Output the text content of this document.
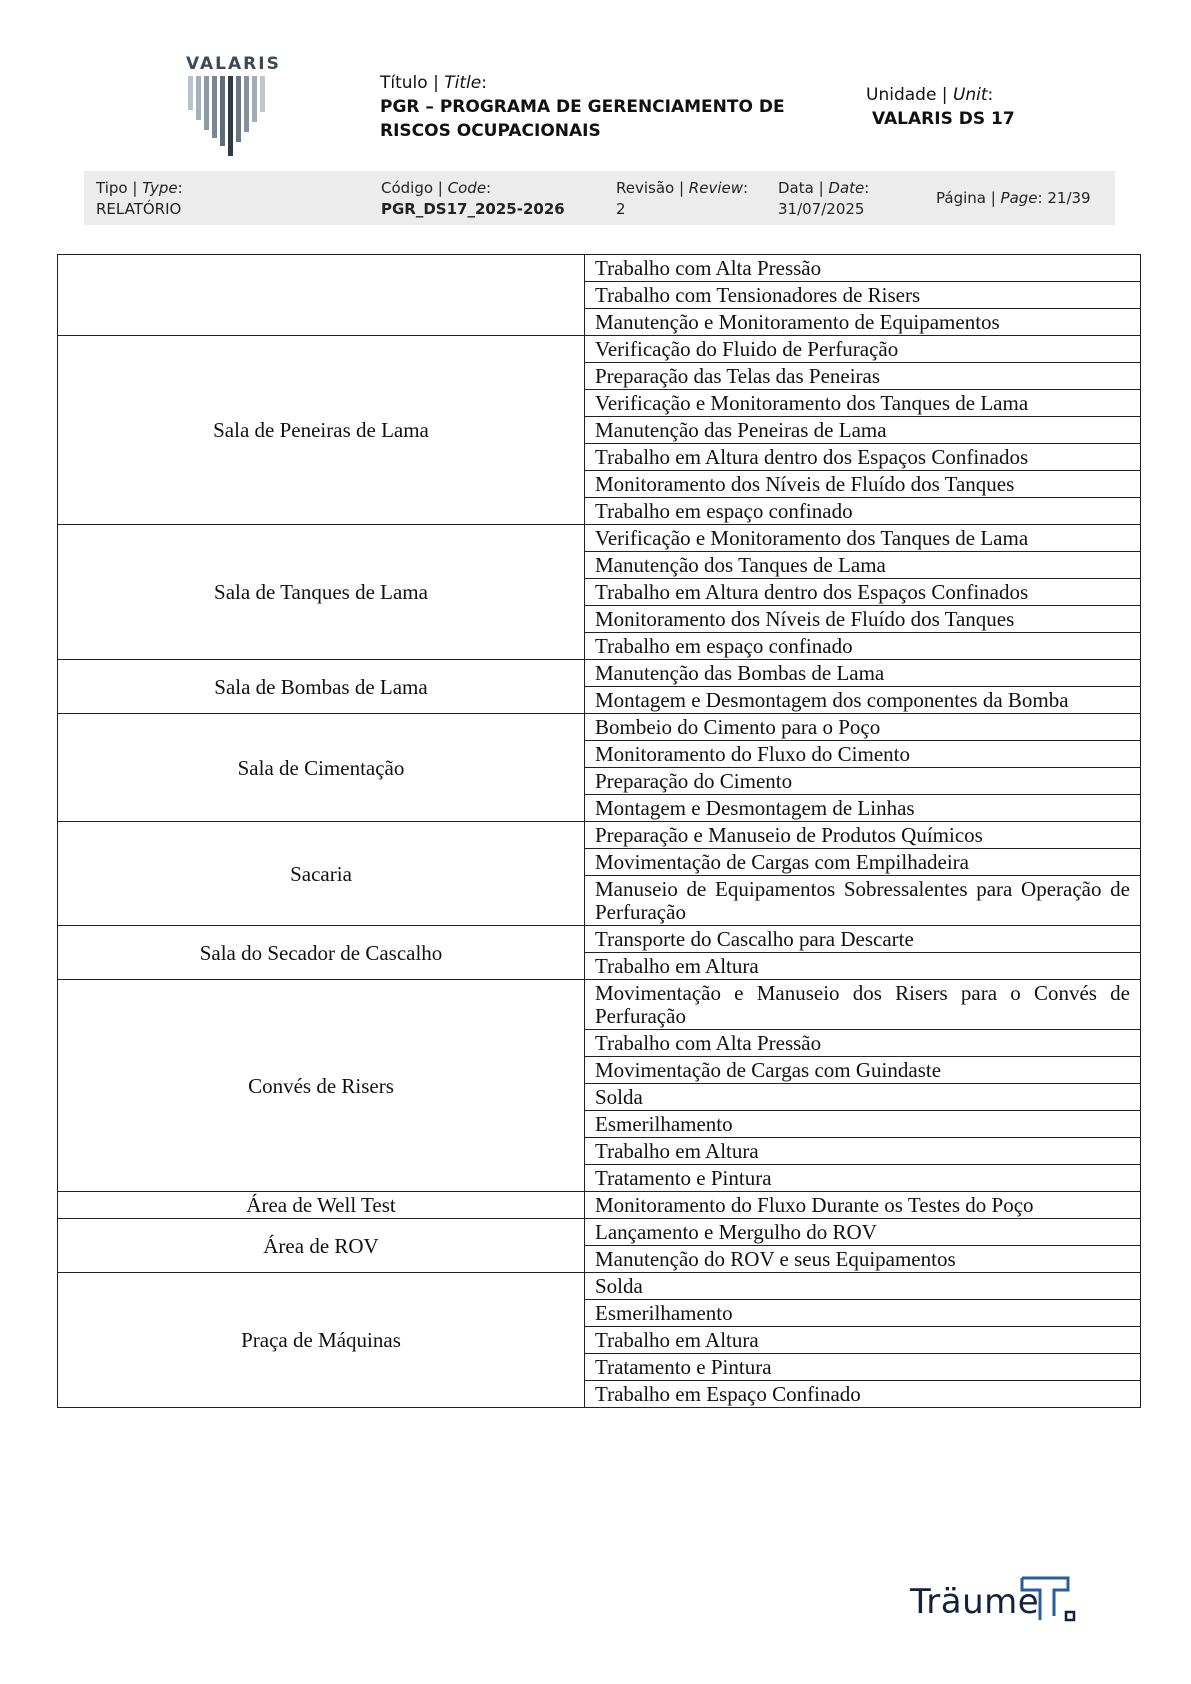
VALARIS
Título | Title:
PGR – PROGRAMA DE GERENCIAMENTO DE
RISCOS OCUPACIONAIS
Unidade | Unit:
VALARIS DS 17
Tipo | Type:
RELATÓRIO
Código | Code:
PGR_DS17_2025-2026
Revisão | Review:
2
Data | Date:
31/07/2025
Página | Page: 21/39
	Trabalho com Alta Pressão
	Trabalho com Tensionadores de Risers
	Manutenção e Monitoramento de Equipamentos
Sala de Peneiras de Lama	Verificação do Fluido de Perfuração
	Preparação das Telas das Peneiras
	Verificação e Monitoramento dos Tanques de Lama
	Manutenção das Peneiras de Lama
	Trabalho em Altura dentro dos Espaços Confinados
	Monitoramento dos Níveis de Fluído dos Tanques
	Trabalho em espaço confinado
Sala de Tanques de Lama	Verificação e Monitoramento dos Tanques de Lama
	Manutenção dos Tanques de Lama
	Trabalho em Altura dentro dos Espaços Confinados
	Monitoramento dos Níveis de Fluído dos Tanques
	Trabalho em espaço confinado
Sala de Bombas de Lama	Manutenção das Bombas de Lama
	Montagem e Desmontagem dos componentes da Bomba
Sala de Cimentação	Bombeio do Cimento para o Poço
	Monitoramento do Fluxo do Cimento
	Preparação do Cimento
	Montagem e Desmontagem de Linhas
Sacaria	Preparação e Manuseio de Produtos Químicos
	Movimentação de Cargas com Empilhadeira
	Manuseio de Equipamentos Sobressalentes para Operação de Perfuração
Sala do Secador de Cascalho	Transporte do Cascalho para Descarte
	Trabalho em Altura
Convés de Risers	Movimentação e Manuseio dos Risers para o Convés de Perfuração
	Trabalho com Alta Pressão
	Movimentação de Cargas com Guindaste
	Solda
	Esmerilhamento
	Trabalho em Altura
	Tratamento e Pintura
Área de Well Test	Monitoramento do Fluxo Durante os Testes do Poço
Área de ROV	Lançamento e Mergulho do ROV
	Manutenção do ROV e seus Equipamentos
Praça de Máquinas	Solda
	Esmerilhamento
	Trabalho em Altura
	Tratamento e Pintura
	Trabalho em Espaço Confinado
Träume
